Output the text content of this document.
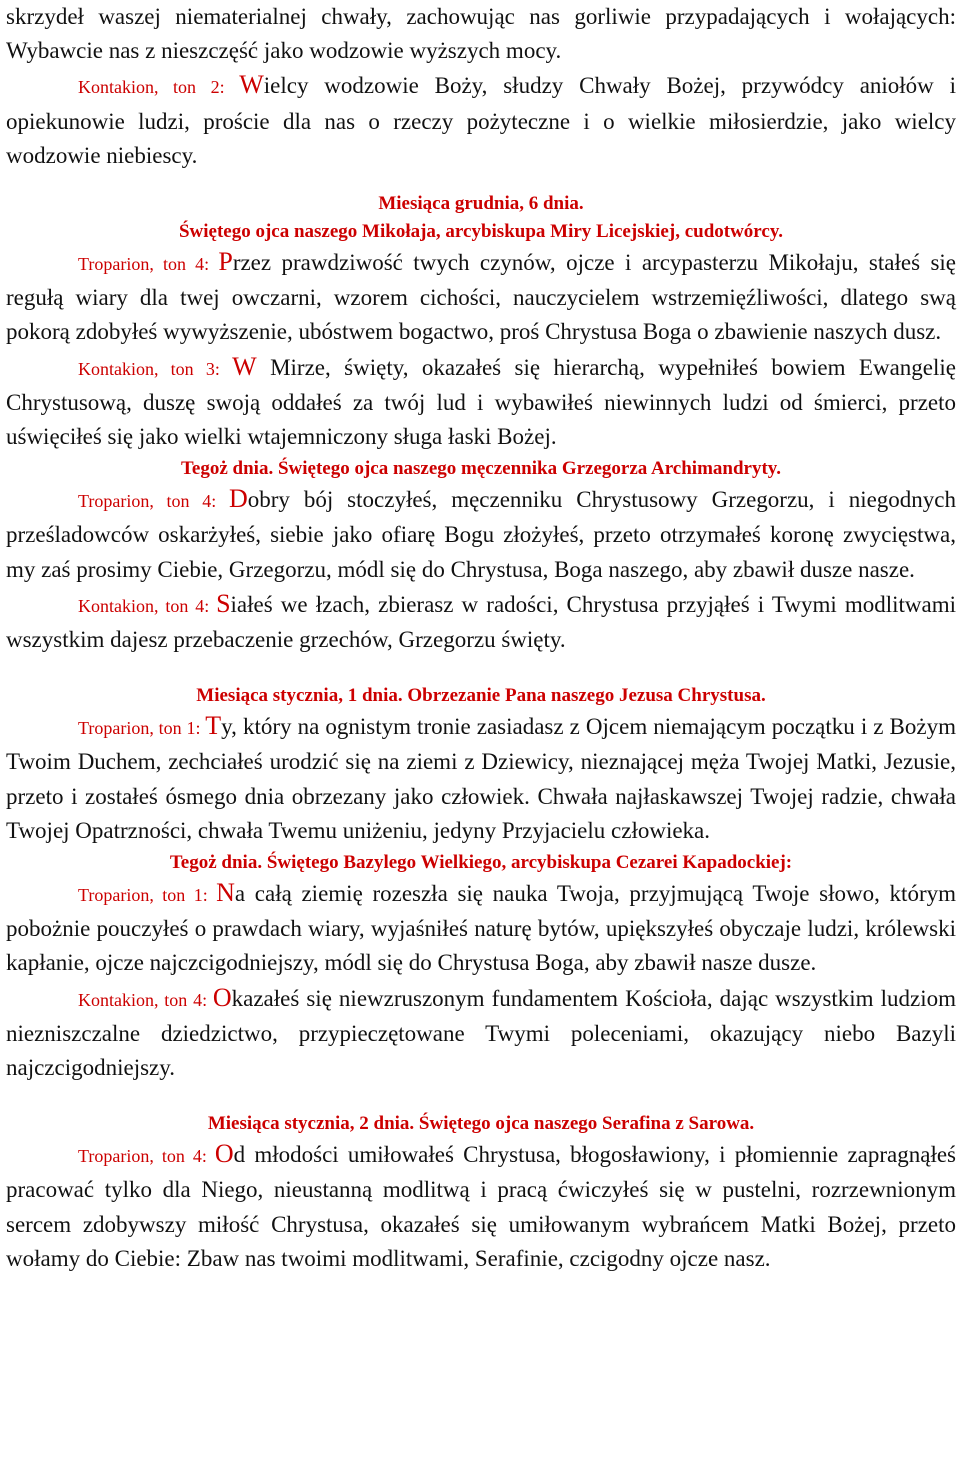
skrzydeł waszej niematerialnej chwały, zachowując nas gorliwie przypadających i wołających: Wybawcie nas z nieszczęść jako wodzowie wyższych mocy.

Kontakion, ton 2: Wielcy wodzowie Boży, słudzy Chwały Bożej, przywódcy aniołów i opiekunowie ludzi, proście dla nas o rzeczy pożyteczne i o wielkie miłosierdzie, jako wielcy wodzowie niebiescy.

Miesiąca grudnia, 6 dnia.

Świętego ojca naszego Mikołaja, arcybiskupa Miry Licejskiej, cudotwórcy.

Troparion, ton 4: Przez prawdziwość twych czynów, ojcze i arcypasterzu Mikołaju, stałeś się regułą wiary dla twej owczarni, wzorem cichości, nauczycielem wstrzemięźliwości, dlatego swą pokorą zdobyłeś wywyższenie, ubóstwem bogactwo, proś Chrystusa Boga o zbawienie naszych dusz.

Kontakion, ton 3: W Mirze, święty, okazałeś się hierarchą, wypełniłeś bowiem Ewangelię Chrystusową, duszę swoją oddałeś za twój lud i wybawiłeś niewinnych ludzi od śmierci, przeto uświęciłeś się jako wielki wtajemniczony sługa łaski Bożej.

Tegoż dnia. Świętego ojca naszego męczennika Grzegorza Archimandryty.

Troparion, ton 4: Dobry bój stoczyłeś, męczenniku Chrystusowy Grzegorzu, i niegodnych prześladowców oskarżyłeś, siebie jako ofiarę Bogu złożyłeś, przeto otrzymałeś koronę zwycięstwa, my zaś prosimy Ciebie, Grzegorzu, módl się do Chrystusa, Boga naszego, aby zbawił dusze nasze.

Kontakion, ton 4: Siałeś we łzach, zbierasz w radości, Chrystusa przyjąłeś i Twymi modlitwami wszystkim dajesz przebaczenie grzechów, Grzegorzu święty.

Miesiąca stycznia, 1 dnia. Obrzezanie Pana naszego Jezusa Chrystusa.

Troparion, ton 1: Ty, który na ognistym tronie zasiadasz z Ojcem niemającym początku i z Bożym Twoim Duchem, zechciałeś urodzić się na ziemi z Dziewicy, nieznającej męża Twojej Matki, Jezusie, przeto i zostałeś ósmego dnia obrzezany jako człowiek. Chwała najłaskawszej Twojej radzie, chwała Twojej Opatrzności, chwała Twemu uniżeniu, jedyny Przyjacielu człowieka.

Tegoż dnia. Świętego Bazylego Wielkiego, arcybiskupa Cezarei Kapadockiej:

Troparion, ton 1: Na całą ziemię rozeszła się nauka Twoja, przyjmującą Twoje słowo, którym pobożnie pouczyłeś o prawdach wiary, wyjaśniłeś naturę bytów, upiększyłeś obyczaje ludzi, królewski kapłanie, ojcze najczcigodniejszy, módl się do Chrystusa Boga, aby zbawił nasze dusze.

Kontakion, ton 4: Okazałeś się niewzruszonym fundamentem Kościoła, dając wszystkim ludziom niezniszczalne dziedzictwo, przypieczętowane Twymi poleceniami, okazujący niebo Bazyli najczcigodniejszy.

Miesiąca stycznia, 2 dnia. Świętego ojca naszego Serafina z Sarowa.

Troparion, ton 4: Od młodości umiłowałeś Chrystusa, błogosławiony, i płomiennie zapragnąłeś pracować tylko dla Niego, nieustanną modlitwą i pracą ćwiczyłeś się w pustelni, rozrzewnionym sercem zdobywszy miłość Chrystusa, okazałeś się umiłowanym wybrańcem Matki Bożej, przeto wołamy do Ciebie: Zbaw nas twoimi modlitwami, Serafinie, czcigodny ojcze nasz.
